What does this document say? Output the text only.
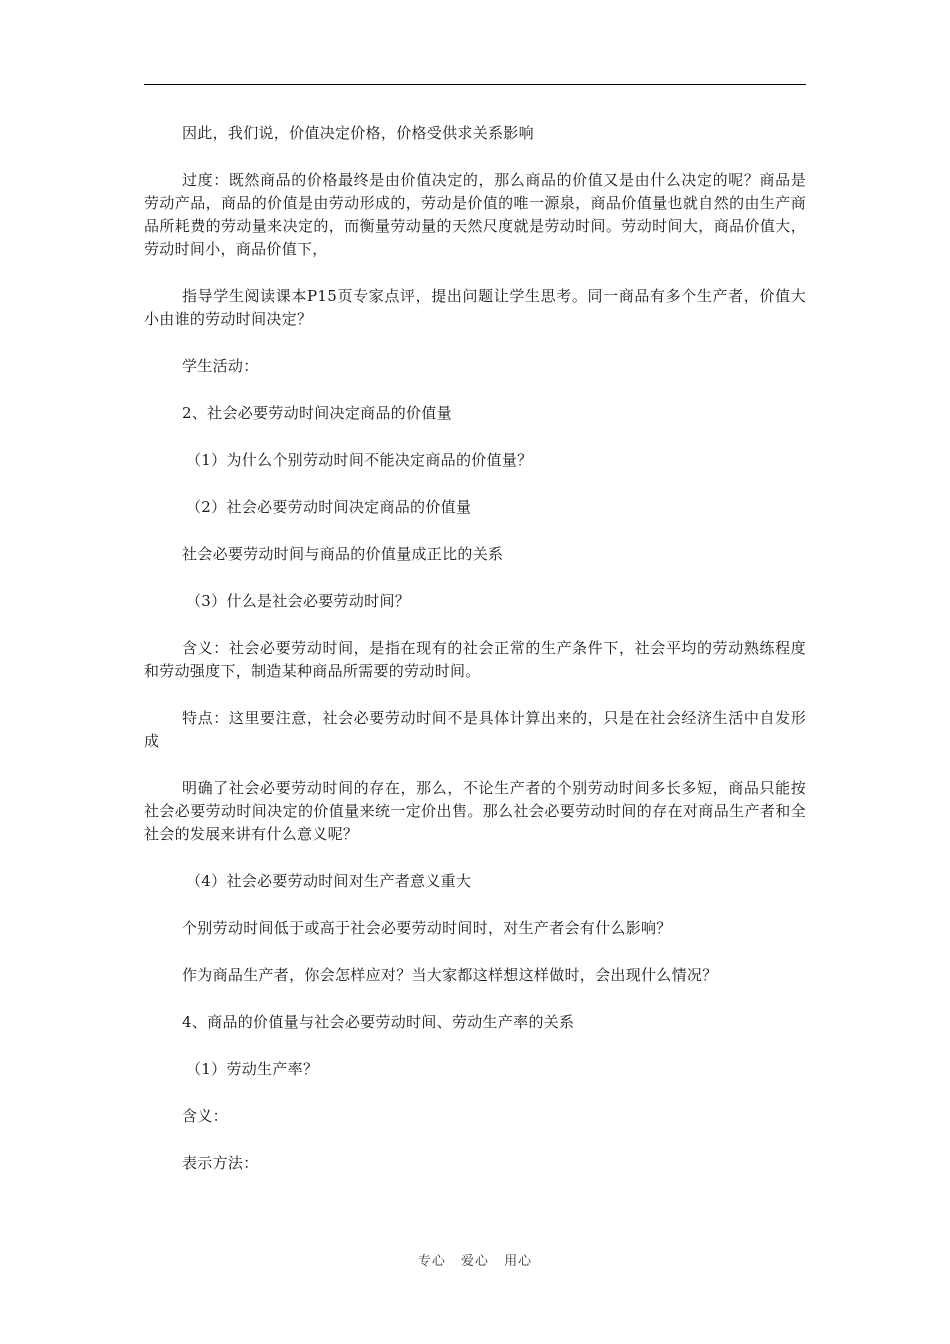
因此，我们说，价值决定价格，价格受供求关系影响

过度：既然商品的价格最终是由价值决定的，那么商品的价值又是由什么决定的呢？商品是劳动产品，商品的价值是由劳动形成的，劳动是价值的唯一源泉，商品价值量也就自然的由生产商品所耗费的劳动量来决定的，而衡量劳动量的天然尺度就是劳动时间。劳动时间大，商品价值大，劳动时间小，商品价值下，

指导学生阅读课本P15页专家点评，提出问题让学生思考。同一商品有多个生产者，价值大小由谁的劳动时间决定？

学生活动：

2、社会必要劳动时间决定商品的价值量

（1）为什么个别劳动时间不能决定商品的价值量？

（2）社会必要劳动时间决定商品的价值量

社会必要劳动时间与商品的价值量成正比的关系

（3）什么是社会必要劳动时间？

含义：社会必要劳动时间，是指在现有的社会正常的生产条件下，社会平均的劳动熟练程度和劳动强度下，制造某种商品所需要的劳动时间。

特点：这里要注意，社会必要劳动时间不是具体计算出来的，只是在社会经济生活中自发形成

明确了社会必要劳动时间的存在，那么，不论生产者的个别劳动时间多长多短，商品只能按社会必要劳动时间决定的价值量来统一定价出售。那么社会必要劳动时间的存在对商品生产者和全社会的发展来讲有什么意义呢？

（4）社会必要劳动时间对生产者意义重大

个别劳动时间低于或高于社会必要劳动时间时，对生产者会有什么影响？

作为商品生产者，你会怎样应对？当大家都这样想这样做时，会出现什么情况？

4、商品的价值量与社会必要劳动时间、劳动生产率的关系

（1）劳动生产率？

含义：

表示方法：

专心 爱心 用心
